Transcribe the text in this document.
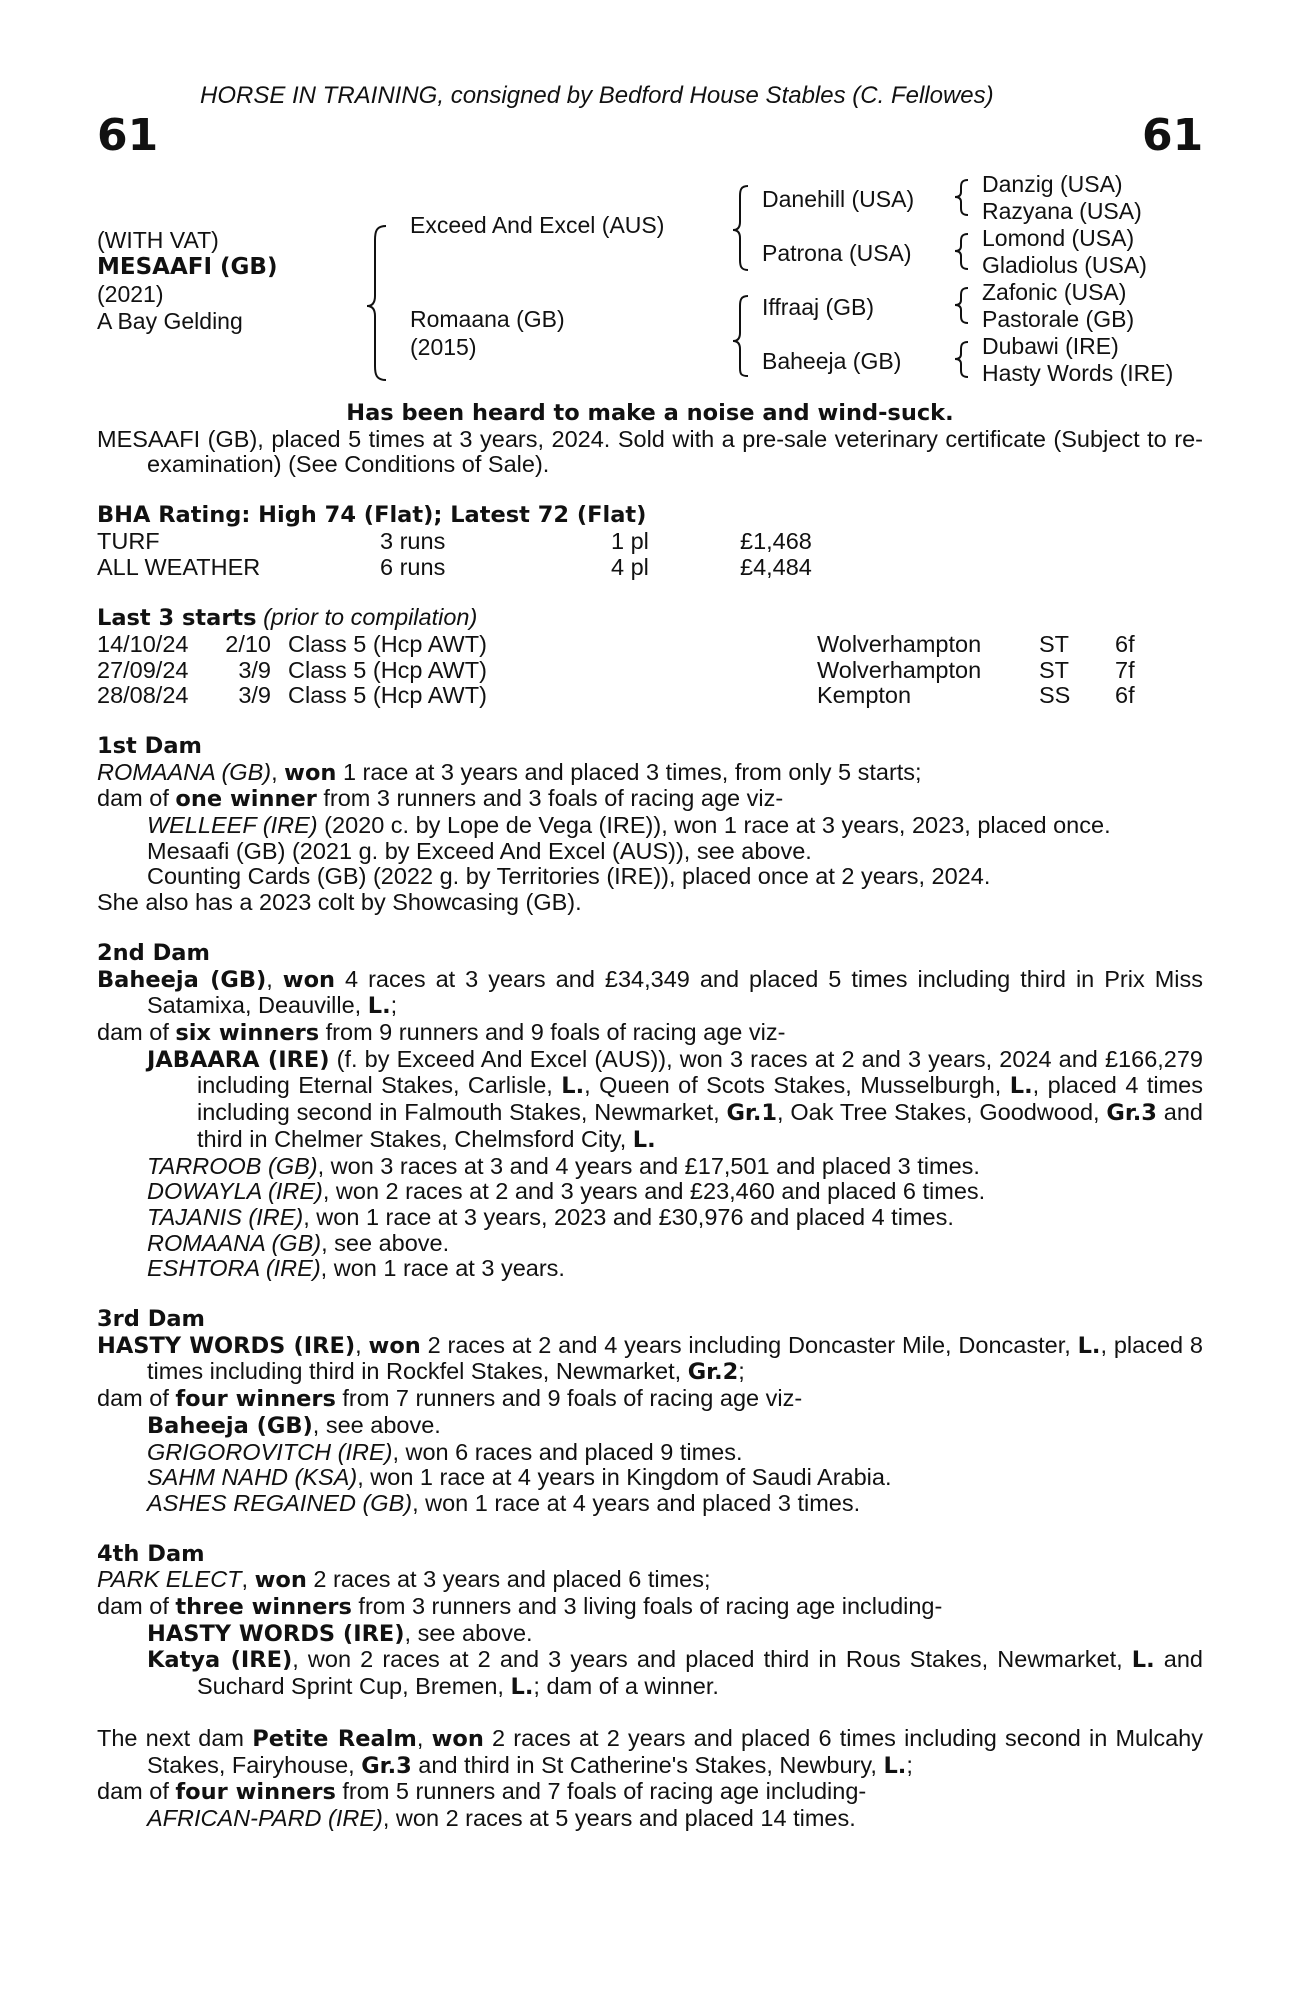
HORSE IN TRAINING, consigned by Bedford House Stables (C. Fellowes)
61	61
(WITH VAT)
MESAAFI (GB)
(2021)
A Bay Gelding
Exceed And Excel (AUS)
Romaana (GB)
(2015)
Danehill (USA)
Patrona (USA)
Iffraaj (GB)
Baheeja (GB)
Danzig (USA)
Razyana (USA)
Lomond (USA)
Gladiolus (USA)
Zafonic (USA)
Pastorale (GB)
Dubawi (IRE)
Hasty Words (IRE)

Has been heard to make a noise and wind-suck.

MESAAFI (GB), placed 5 times at 3 years, 2024. Sold with a pre-sale veterinary certificate (Subject to re-examination) (See Conditions of Sale).

BHA Rating: High 74 (Flat); Latest 72 (Flat)

TURF	3 runs	1 pl	£1,468
ALL WEATHER	6 runs	4 pl	£4,484

Last 3 starts (prior to compilation)

14/10/24 2/10 Class 5 (Hcp AWT)	Wolverhampton ST 6f
27/09/24	3/9 Class 5 (Hcp AWT)	Wolverhampton ST 7f
28/08/24	3/9 Class 5 (Hcp AWT)	Kempton	SS 6f

1st Dam

ROMAANA (GB), won 1 race at 3 years and placed 3 times, from only 5 starts;

dam of one winner from 3 runners and 3 foals of racing age viz-

WELLEEF (IRE) (2020 c. by Lope de Vega (IRE)), won 1 race at 3 years, 2023, placed once.

Mesaafi (GB) (2021 g. by Exceed And Excel (AUS)), see above.

Counting Cards (GB) (2022 g. by Territories (IRE)), placed once at 2 years, 2024.

She also has a 2023 colt by Showcasing (GB).

2nd Dam

Baheeja (GB), won 4 races at 3 years and £34,349 and placed 5 times including third in Prix Miss Satamixa, Deauville, L.;

dam of six winners from 9 runners and 9 foals of racing age viz-

JABAARA (IRE) (f. by Exceed And Excel (AUS)), won 3 races at 2 and 3 years, 2024 and £166,279 including Eternal Stakes, Carlisle, L., Queen of Scots Stakes, Musselburgh, L., placed 4 times including second in Falmouth Stakes, Newmarket, Gr.1, Oak Tree Stakes, Goodwood, Gr.3 and third in Chelmer Stakes, Chelmsford City, L.

TARROOB (GB), won 3 races at 3 and 4 years and £17,501 and placed 3 times.

DOWAYLA (IRE), won 2 races at 2 and 3 years and £23,460 and placed 6 times.

TAJANIS (IRE), won 1 race at 3 years, 2023 and £30,976 and placed 4 times.

ROMAANA (GB), see above.

ESHTORA (IRE), won 1 race at 3 years.

3rd Dam

HASTY WORDS (IRE), won 2 races at 2 and 4 years including Doncaster Mile, Doncaster, L., placed 8 times including third in Rockfel Stakes, Newmarket, Gr.2;

dam of four winners from 7 runners and 9 foals of racing age viz-

Baheeja (GB), see above.

GRIGOROVITCH (IRE), won 6 races and placed 9 times.

SAHM NAHD (KSA), won 1 race at 4 years in Kingdom of Saudi Arabia.

ASHES REGAINED (GB), won 1 race at 4 years and placed 3 times.

4th Dam

PARK ELECT, won 2 races at 3 years and placed 6 times;

dam of three winners from 3 runners and 3 living foals of racing age including-

HASTY WORDS (IRE), see above.

Katya (IRE), won 2 races at 2 and 3 years and placed third in Rous Stakes, Newmarket, L. and Suchard Sprint Cup, Bremen, L.; dam of a winner.

The next dam Petite Realm, won 2 races at 2 years and placed 6 times including second in Mulcahy Stakes, Fairyhouse, Gr.3 and third in St Catherine's Stakes, Newbury, L.;

dam of four winners from 5 runners and 7 foals of racing age including-

AFRICAN-PARD (IRE), won 2 races at 5 years and placed 14 times.
